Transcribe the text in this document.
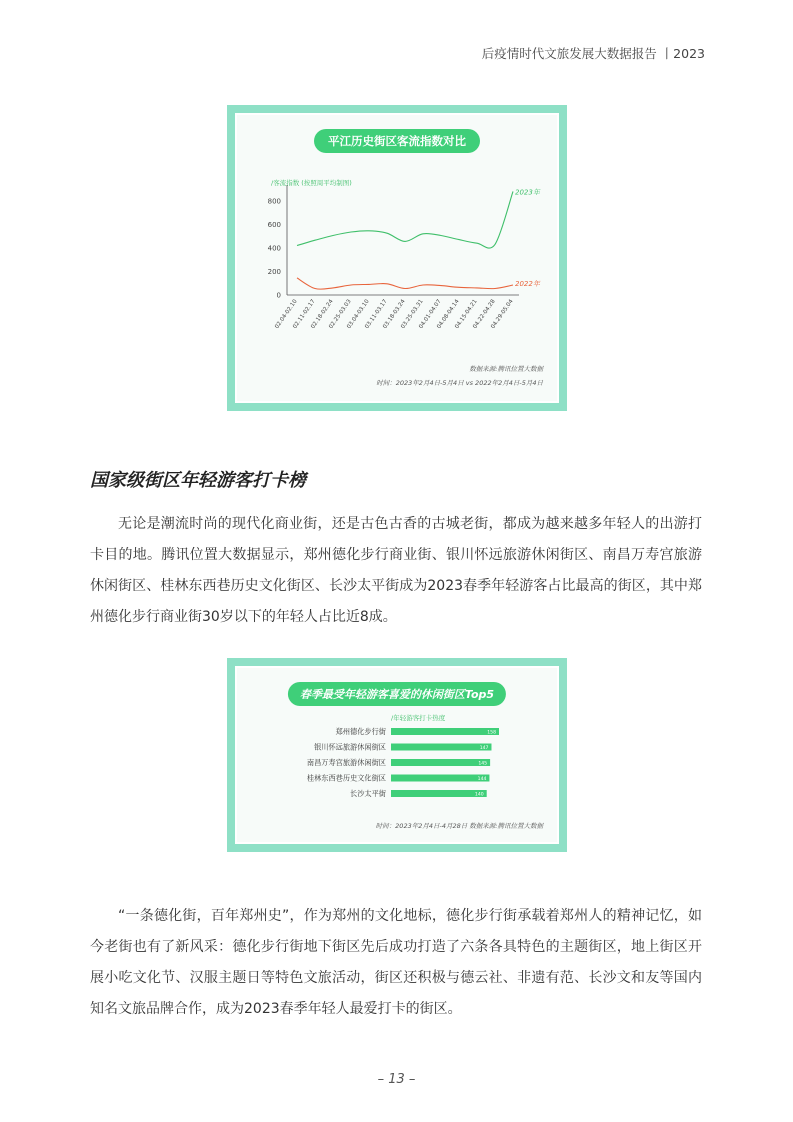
后疫情时代文旅发展大数据报告 丨2023
平江历史街区客流指数对比
/客流指数 (按照周平均制图)
0
200
400
600
800
02.04-02.10
02.11-02.17
02.18-02.24
02.25-03.03
03.04-03.10
03.11-03.17
03.18-03.24
03.25-03.31
04.01-04.07
04.08-04.14
04.15-04.21
04.22-04.28
04.29-05.04
2023年
2022年
数据来源:腾讯位置大数据
时间：2023年2月4日-5月4日 vs 2022年2月4日-5月4日
国家级街区年轻游客打卡榜

无论是潮流时尚的现代化商业街，还是古色古香的古城老街，都成为越来越多年轻人的出游打卡目的地。腾讯位置大数据显示，郑州德化步行商业街、银川怀远旅游休闲街区、南昌万寿宫旅游休闲街区、桂林东西巷历史文化街区、长沙太平街成为2023春季年轻游客占比最高的街区，其中郑州德化步行商业街30岁以下的年轻人占比近8成。

春季最受年轻游客喜爱的休闲街区Top5
/年轻游客打卡热度
郑州德化步行街	158
银川怀远旅游休闲街区	147
南昌万寿宫旅游休闲街区	145
桂林东西巷历史文化街区	144
长沙太平街	140
时间：2023年2月4日-4月28日 数据来源:腾讯位置大数据

“一条德化街，百年郑州史”，作为郑州的文化地标，德化步行街承载着郑州人的精神记忆，如今老街也有了新风采：德化步行街地下街区先后成功打造了六条各具特色的主题街区，地上街区开展小吃文化节、汉服主题日等特色文旅活动，街区还积极与德云社、非遗有范、长沙文和友等国内知名文旅品牌合作，成为2023春季年轻人最爱打卡的街区。

– 13 –
